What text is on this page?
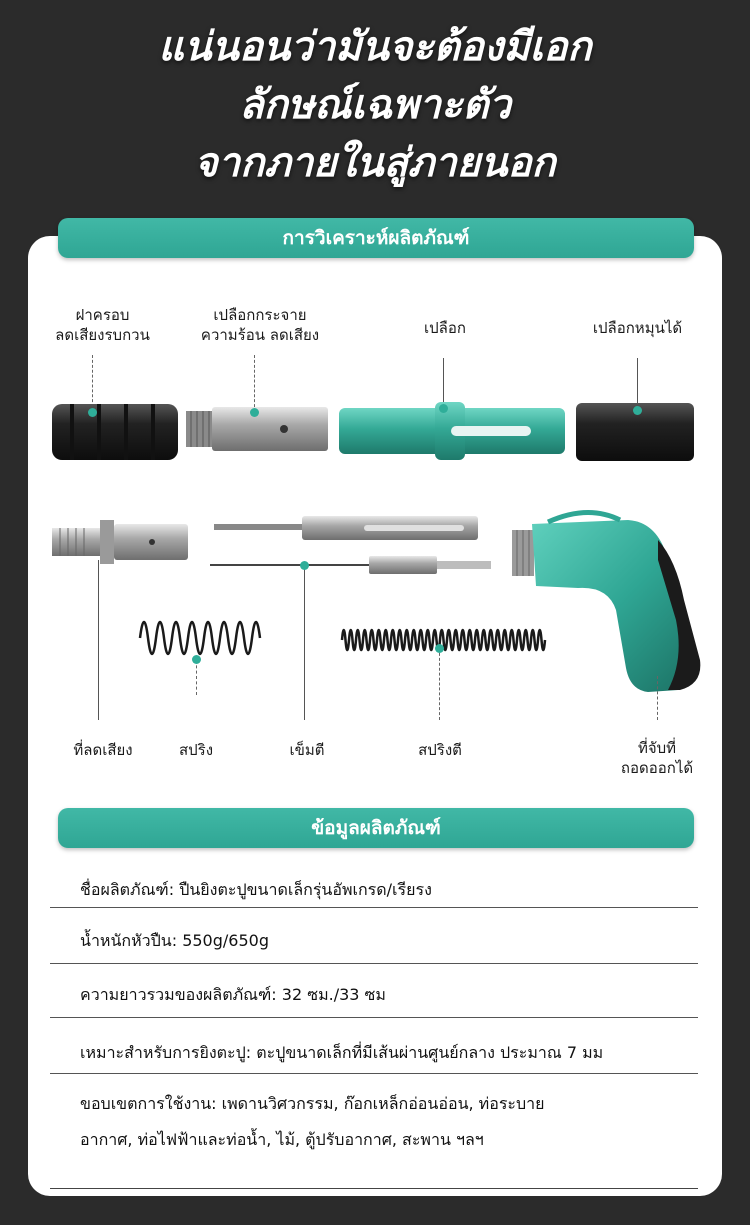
แน่นอนว่ามันจะต้องมีเอก
ลักษณ์เฉพาะตัว
จากภายในสู่ภายนอก
การวิเคราะห์ผลิตภัณฑ์
ฝาครอบ
ลดเสียงรบกวน
เปลือกกระจาย
ความร้อน ลดเสียง	เปลือก	เปลือกหมุนได้
ที่ลดเสียง	สปริง	เข็มตี	สปริงตี	ที่จับที่
ถอดออกได้
ข้อมูลผลิตภัณฑ์
ชื่อผลิตภัณฑ์: ปืนยิงตะปูขนาดเล็กรุ่นอัพเกรด/เรียรง
น้ำหนักหัวปืน: 550g/650g
ความยาวรวมของผลิตภัณฑ์: 32 ซม./33 ซม
เหมาะสำหรับการยิงตะปู: ตะปูขนาดเล็กที่มีเส้นผ่านศูนย์กลาง ประมาณ 7 มม
ขอบเขตการใช้งาน: เพดานวิศวกรรม, ก๊อกเหล็กอ่อนอ่อน, ท่อระบาย
อากาศ, ท่อไฟฟ้าและท่อน้ำ, ไม้, ตู้ปรับอากาศ, สะพาน ฯลฯ
